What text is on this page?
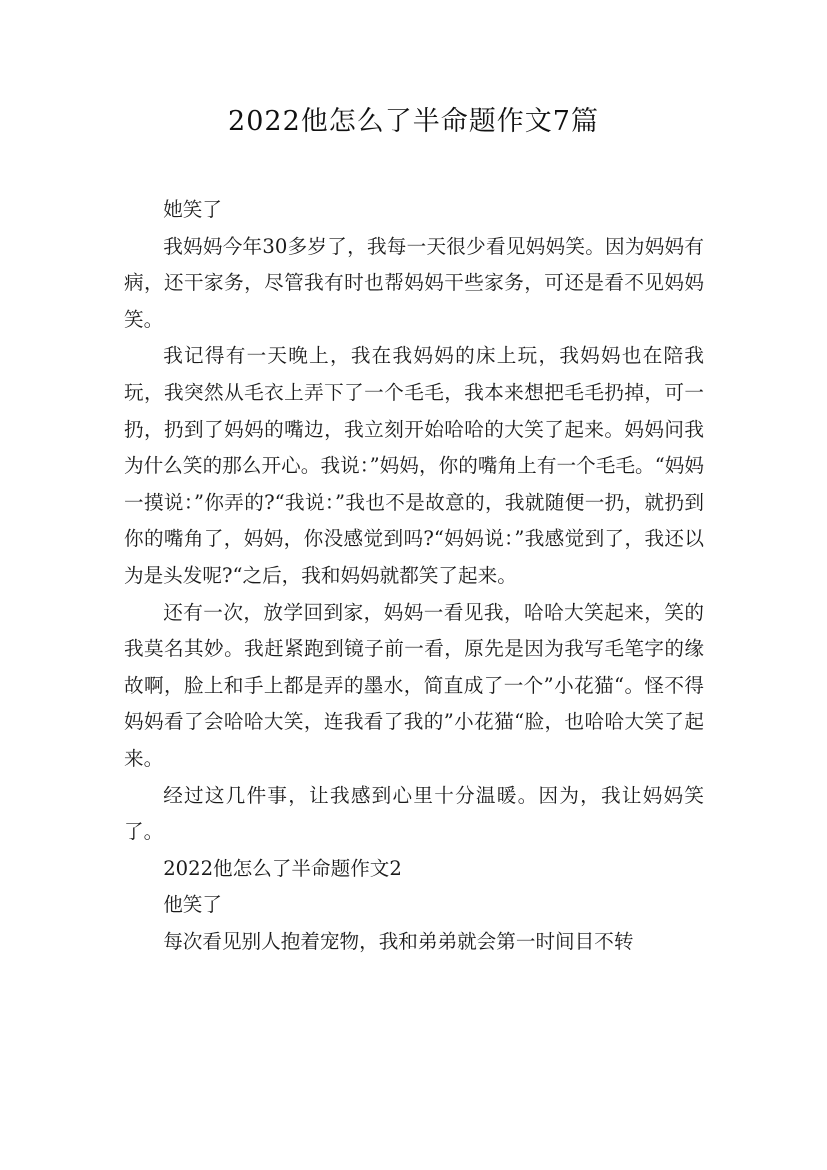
2022他怎么了半命题作文7篇

她笑了

我妈妈今年30多岁了，我每一天很少看见妈妈笑。因为妈妈有病，还干家务，尽管我有时也帮妈妈干些家务，可还是看不见妈妈笑。

我记得有一天晚上，我在我妈妈的床上玩，我妈妈也在陪我玩，我突然从毛衣上弄下了一个毛毛，我本来想把毛毛扔掉，可一扔，扔到了妈妈的嘴边，我立刻开始哈哈的大笑了起来。妈妈问我为什么笑的那么开心。我说：”妈妈，你的嘴角上有一个毛毛。“妈妈一摸说：”你弄的?“我说：”我也不是故意的，我就随便一扔，就扔到你的嘴角了，妈妈，你没感觉到吗?“妈妈说：”我感觉到了，我还以为是头发呢?“之后，我和妈妈就都笑了起来。

还有一次，放学回到家，妈妈一看见我，哈哈大笑起来，笑的我莫名其妙。我赶紧跑到镜子前一看，原先是因为我写毛笔字的缘故啊，脸上和手上都是弄的墨水，简直成了一个”小花猫“。怪不得妈妈看了会哈哈大笑，连我看了我的”小花猫“脸，也哈哈大笑了起来。

经过这几件事，让我感到心里十分温暖。因为，我让妈妈笑了。

2022他怎么了半命题作文2

他笑了

每次看见别人抱着宠物，我和弟弟就会第一时间目不转
